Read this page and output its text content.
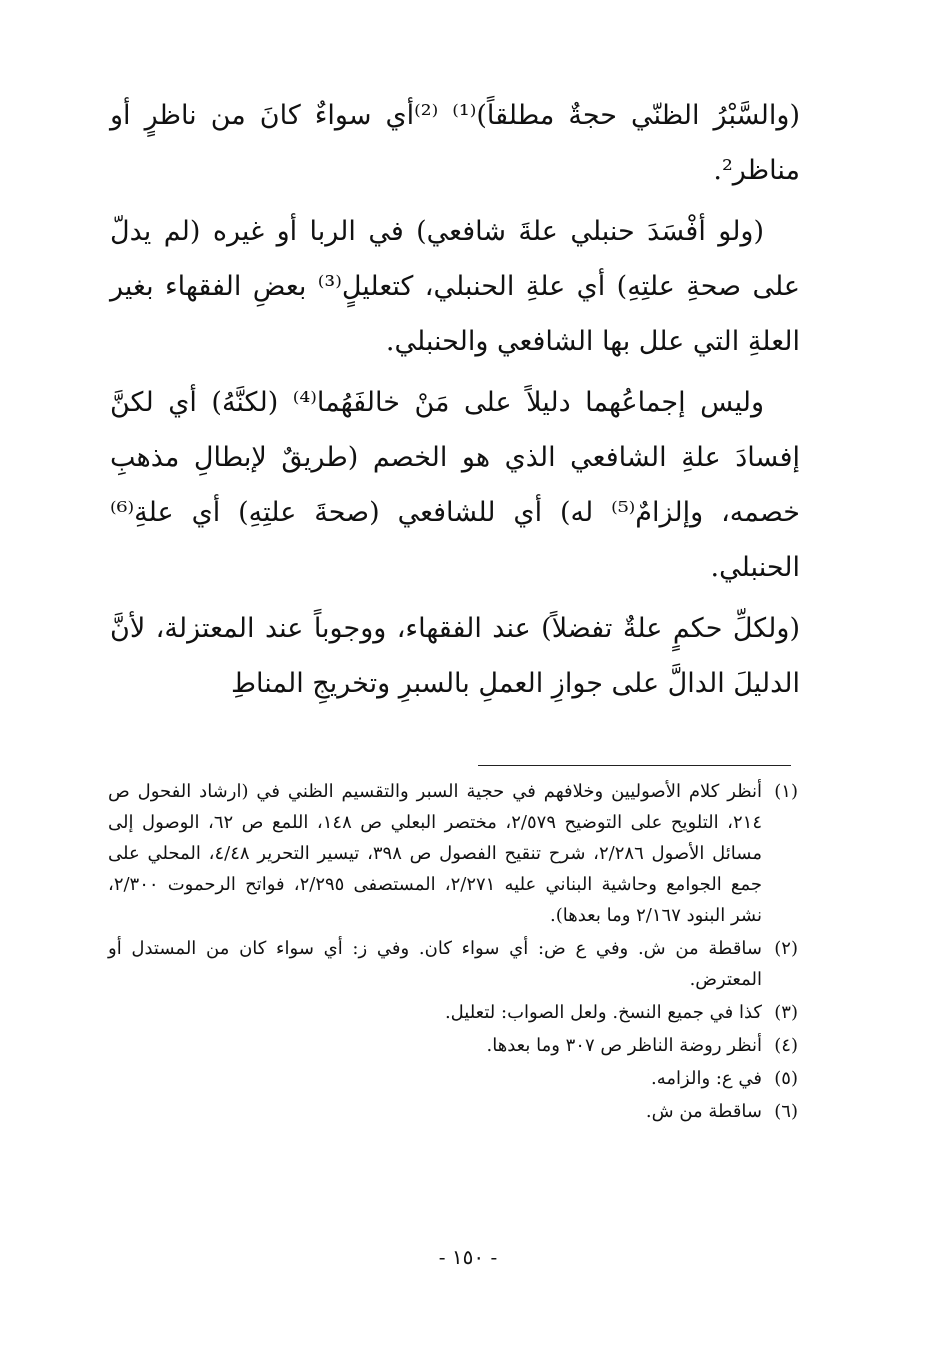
(والسَّبْرُ الظنّي حجةٌ مطلقاً)⁽¹⁾ ⁽²⁾أي سواءٌ كانَ من ناظرٍ أو مناظر².

(ولو أفْسَدَ حنبلي علةَ شافعي) في الربا أو غيره (لم يدلّ على صحةِ علتِهِ) أي علةِ الحنبلي، كتعليلٍ⁽³⁾ بعضِ الفقهاء بغير العلةِ التي علل بها الشافعي والحنبلي.

وليس إجماعُهما دليلاً على مَنْ خالفَهُما⁽⁴⁾ (لكنَّهُ) أي لكنَّ إفسادَ علةِ الشافعي الذي هو الخصم (طريقٌ لإبطالِ مذهبِ خصمه، وإلزامٌ⁽⁵⁾ له) أي للشافعي (صحةَ علتِهِ) أي علةِ⁽⁶⁾ الحنبلي.

(ولكلِّ حكمٍ علةٌ تفضلاً) عند الفقهاء، ووجوباً عند المعتزلة، لأنَّ الدليلَ الدالَّ على جوازِ العملِ بالسبرِ وتخريجِ المناطِ

(١)
أنظر كلام الأصوليين وخلافهم في حجية السبر والتقسيم الظني في (ارشاد الفحول ص ٢١٤، التلويح على التوضيح ٢/٥٧٩، مختصر البعلي ص ١٤٨، اللمع ص ٦٢، الوصول إلى مسائل الأصول ٢/٢٨٦، شرح تنقيح الفصول ص ٣٩٨، تيسير التحرير ٤/٤٨، المحلي على جمع الجوامع وحاشية البناني عليه ٢/٢٧١، المستصفى ٢/٢٩٥، فواتح الرحموت ٢/٣٠٠، نشر البنود ٢/١٦٧ وما بعدها).
(٢)
ساقطة من ش. وفي ع ض: أي سواء كان. وفي ز: أي سواء كان من المستدل أو المعترض.
(٣)
كذا في جميع النسخ. ولعل الصواب: لتعليل.
(٤)
أنظر روضة الناظر ص ٣٠٧ وما بعدها.
(٥)
في ع: والزامه.
(٦)
ساقطة من ش.
- ١٥٠ -
